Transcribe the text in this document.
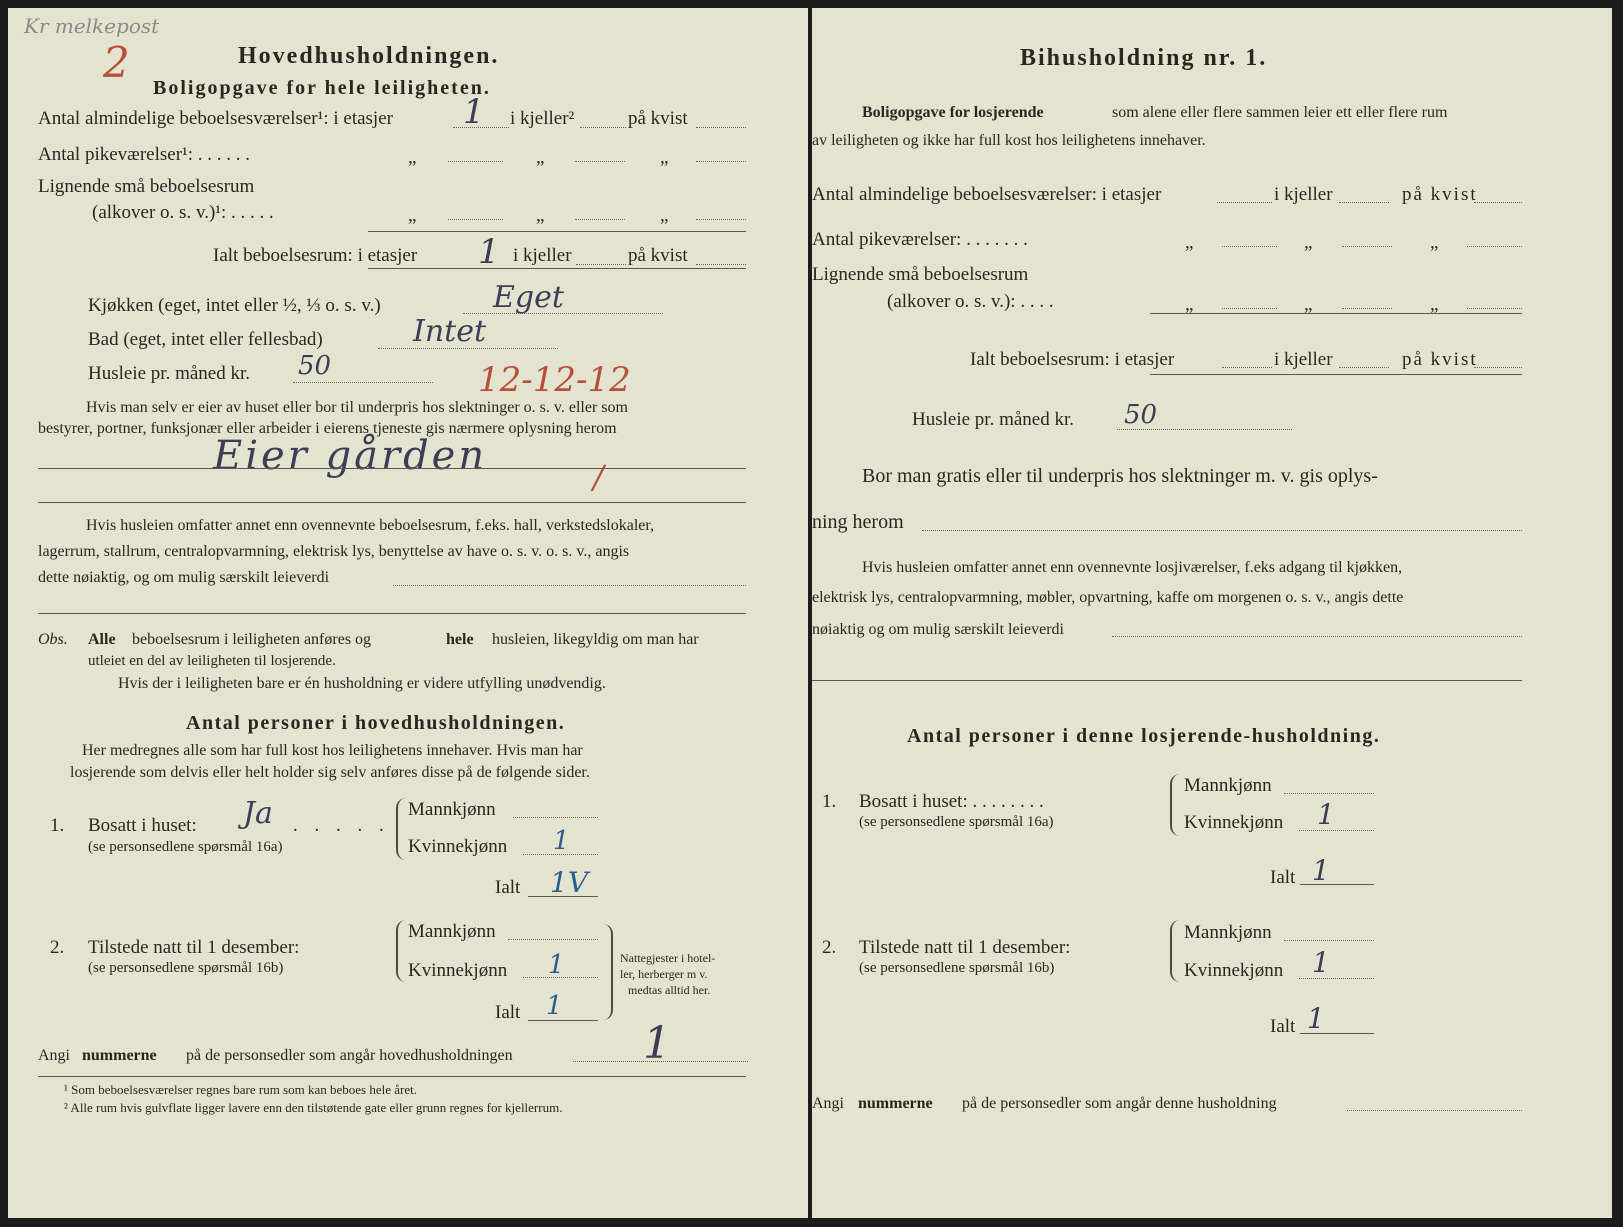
Kr melkepost
2	Hovedhusholdningen.
Boligopgave for hele leiligheten.
Antal almindelige beboelsesværelser¹: i etasjer 1 i kjeller²	på kvist
Antal pikeværelser¹: . . . . . .	„	„	„
Lignende små beboelsesrum
(alkover o. s. v.)¹: . . . . .	„	„	„
Ialt beboelsesrum: i etasjer 1 i kjeller	på kvist
Kjøkken (eget, intet eller ½, ⅓ o. s. v.)	Eget
Bad (eget, intet eller fellesbad)	Intet
Husleie pr. måned kr. 50	12-12-12
Hvis man selv er eier av huset eller bor til underpris hos slektninger o. s. v. eller som
bestyrer, portner, funksjonær eller arbeider i eierens tjeneste gis nærmere oplysning herom
Eier gården	/
Hvis husleien omfatter annet enn ovennevnte beboelsesrum, f.eks. hall, verkstedslokaler,
lagerrum, stallrum, centralopvarmning, elektrisk lys, benyttelse av have o. s. v. o. s. v., angis
dette nøiaktig, og om mulig særskilt leieverdi
Obs. Alle beboelsesrum i leiligheten anføres og	hele husleien, likegyldig om man har
utleiet en del av leiligheten til losjerende.
Hvis der i leiligheten bare er én husholdning er videre utfylling unødvendig.
Antal personer i hovedhusholdningen.
Her medregnes alle som har full kost hos leilighetens innehaver. Hvis man har
losjerende som delvis eller helt holder sig selv anføres disse på de følgende sider.
1. Bosatt i huset: Ja . . . . .
(se personsedlene spørsmål 16a)
Mannkjønn
Kvinnekjønn 1
Ialt 1V
2. Tilstede natt til 1 desember:
(se personsedlene spørsmål 16b)
Mannkjønn
Kvinnekjønn 1
Ialt 1
Nattegjester i hotel-
ler, herberger m v.
medtas alltid her.
Angi nummerne på de personsedler som angår hovedhusholdningen	1
¹ Som beboelsesværelser regnes bare rum som kan beboes hele året.
² Alle rum hvis gulvflate ligger lavere enn den tilstøtende gate eller grunn regnes for kjellerrum.
Bihusholdning nr. 1.
Boligopgave for losjerende	som alene eller flere sammen leier ett eller flere rum
av leiligheten og ikke har full kost hos leilighetens innehaver.
Antal almindelige beboelsesværelser: i etasjer	i kjeller	på kvist
Antal pikeværelser: . . . . . . .	„	„	„
Lignende små beboelsesrum
(alkover o. s. v.): . . . .	„	„	„
Ialt beboelsesrum: i etasjer	i kjeller	på kvist
Husleie pr. måned kr. 50
Bor man gratis eller til underpris hos slektninger m. v. gis oplys-
ning herom
Hvis husleien omfatter annet enn ovennevnte losjiværelser, f.eks adgang til kjøkken,
elektrisk lys, centralopvarmning, møbler, opvartning, kaffe om morgenen o. s. v., angis dette
nøiaktig og om mulig særskilt leieverdi
Antal personer i denne losjerende-husholdning.
1. Bosatt i huset: . . . . . . . .
(se personsedlene spørsmål 16a)
Mannkjønn
Kvinnekjønn 1
Ialt 1
2. Tilstede natt til 1 desember:
(se personsedlene spørsmål 16b)
Mannkjønn
Kvinnekjønn 1
Ialt 1
Angi nummerne på de personsedler som angår denne husholdning
